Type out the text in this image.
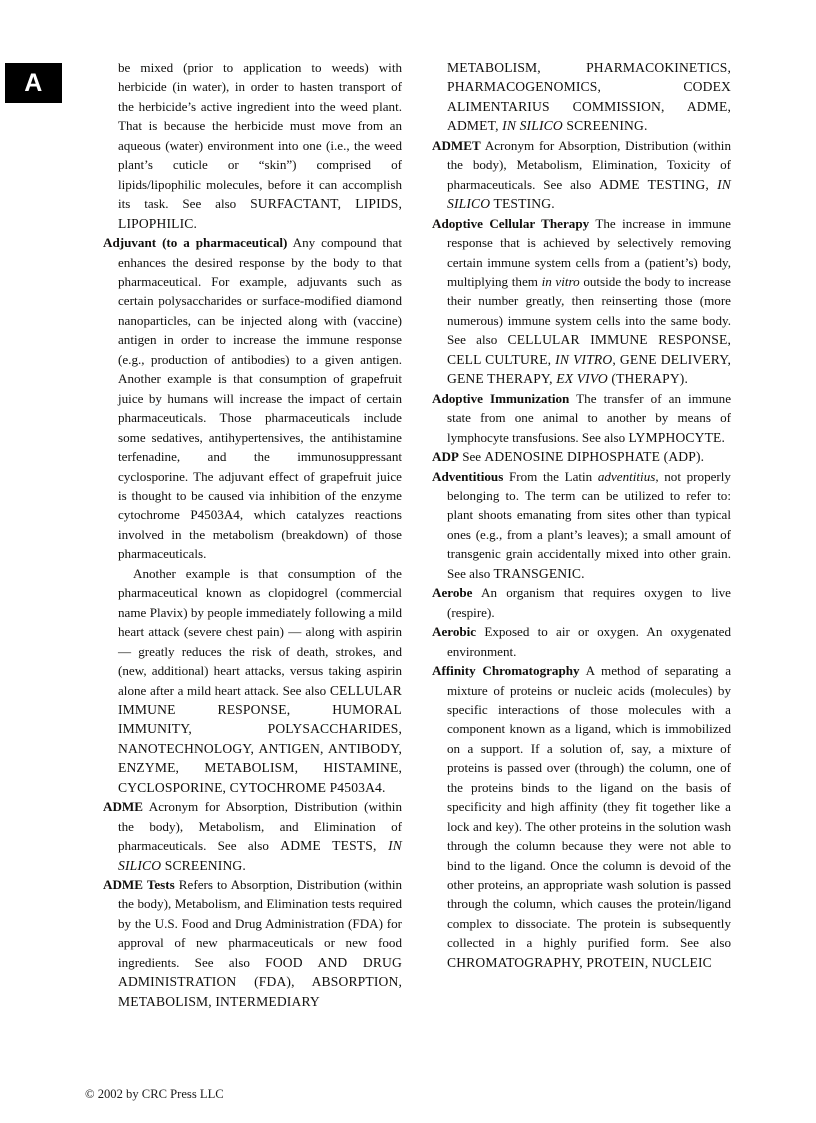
A

be mixed (prior to application to weeds) with herbicide (in water), in order to hasten transport of the herbicide’s active ingredient into the weed plant. That is because the herbicide must move from an aqueous (water) environment into one (i.e., the weed plant’s cuticle or “skin”) comprised of lipids/lipophilic molecules, before it can accomplish its task. See also SURFACTANT, LIPIDS, LIPOPHILIC.

Adjuvant (to a pharmaceutical) Any compound that enhances the desired response by the body to that pharmaceutical. For example, adjuvants such as certain polysaccharides or surface-modified diamond nanoparticles, can be injected along with (vaccine) antigen in order to increase the immune response (e.g., production of antibodies) to a given antigen. Another example is that consumption of grapefruit juice by humans will increase the impact of certain pharmaceuticals. Those pharmaceuticals include some sedatives, antihypertensives, the antihistamine terfenadine, and the immunosuppressant cyclosporine. The adjuvant effect of grapefruit juice is thought to be caused via inhibition of the enzyme cytochrome P4503A4, which catalyzes reactions involved in the metabolism (breakdown) of those pharmaceuticals.

Another example is that consumption of the pharmaceutical known as clopidogrel (commercial name Plavix) by people immediately following a mild heart attack (severe chest pain) — along with aspirin — greatly reduces the risk of death, strokes, and (new, additional) heart attacks, versus taking aspirin alone after a mild heart attack. See also CELLULAR IMMUNE RESPONSE, HUMORAL IMMUNITY, POLYSACCHARIDES, NANOTECHNOLOGY, ANTIGEN, ANTIBODY, ENZYME, METABOLISM, HISTAMINE, CYCLOSPORINE, CYTOCHROME P4503A4.

ADME Acronym for Absorption, Distribution (within the body), Metabolism, and Elimination of pharmaceuticals. See also ADME TESTS, IN SILICO SCREENING.

ADME Tests Refers to Absorption, Distribution (within the body), Metabolism, and Elimination tests required by the U.S. Food and Drug Administration (FDA) for approval of new pharmaceuticals or new food ingredients. See also FOOD AND DRUG ADMINISTRATION (FDA), ABSORPTION, METABOLISM, INTERMEDIARY

METABOLISM, PHARMACOKINETICS, PHARMACOGENOMICS, CODEX ALIMENTARIUS COMMISSION, ADME, ADMET, IN SILICO SCREENING.

ADMET Acronym for Absorption, Distribution (within the body), Metabolism, Elimination, Toxicity of pharmaceuticals. See also ADME TESTING, IN SILICO TESTING.

Adoptive Cellular Therapy The increase in immune response that is achieved by selectively removing certain immune system cells from a (patient’s) body, multiplying them in vitro outside the body to increase their number greatly, then reinserting those (more numerous) immune system cells into the same body. See also CELLULAR IMMUNE RESPONSE, CELL CULTURE, IN VITRO, GENE DELIVERY, GENE THERAPY, EX VIVO (THERAPY).

Adoptive Immunization The transfer of an immune state from one animal to another by means of lymphocyte transfusions. See also LYMPHOCYTE.

ADP See ADENOSINE DIPHOSPHATE (ADP).

Adventitious From the Latin adventitius, not properly belonging to. The term can be utilized to refer to: plant shoots emanating from sites other than typical ones (e.g., from a plant’s leaves); a small amount of transgenic grain accidentally mixed into other grain. See also TRANSGENIC.

Aerobe An organism that requires oxygen to live (respire).

Aerobic Exposed to air or oxygen. An oxygenated environment.

Affinity Chromatography A method of separating a mixture of proteins or nucleic acids (molecules) by specific interactions of those molecules with a component known as a ligand, which is immobilized on a support. If a solution of, say, a mixture of proteins is passed over (through) the column, one of the proteins binds to the ligand on the basis of specificity and high affinity (they fit together like a lock and key). The other proteins in the solution wash through the column because they were not able to bind to the ligand. Once the column is devoid of the other proteins, an appropriate wash solution is passed through the column, which causes the protein/ligand complex to dissociate. The protein is subsequently collected in a highly purified form. See also CHROMATOGRAPHY, PROTEIN, NUCLEIC

© 2002 by CRC Press LLC
